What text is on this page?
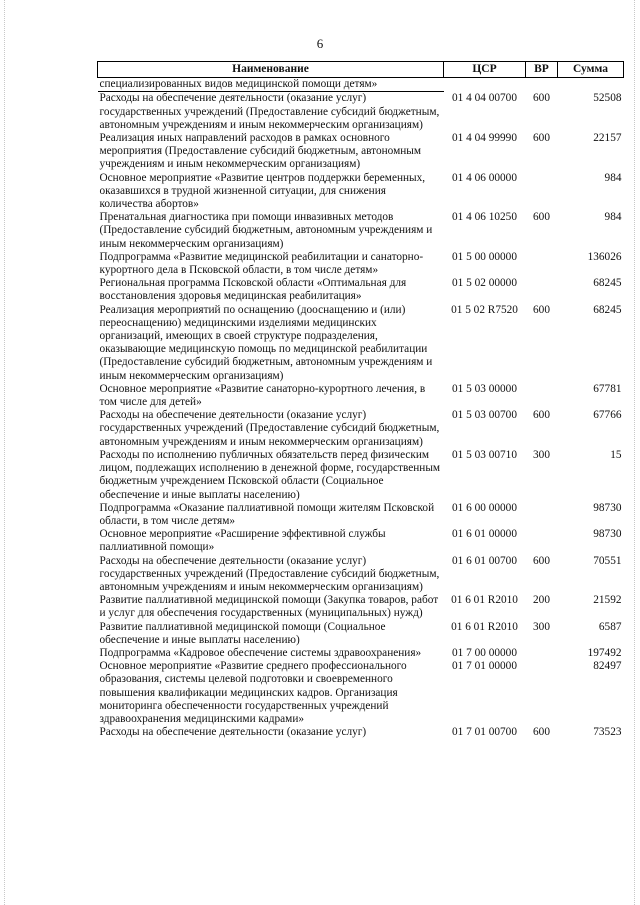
6
Наименование	ЦСР	ВР	Сумма
специализированных видов медицинской помощи детям»			
Расходы на обеспечение деятельности (оказание услуг) государственных учреждений (Предоставление субсидий бюджетным, автономным учреждениям и иным некоммерческим организациям)	01 4 04 00700	600	52508
Реализация иных направлений расходов в рамках основного мероприятия (Предоставление субсидий бюджетным, автономным учреждениям и иным некоммерческим организациям)	01 4 04 99990	600	22157
Основное мероприятие «Развитие центров поддержки беременных, оказавшихся в трудной жизненной ситуации, для снижения количества абортов»	01 4 06 00000		984
Пренатальная диагностика при помощи инвазивных методов (Предоставление субсидий бюджетным, автономным учреждениям и иным некоммерческим организациям)	01 4 06 10250	600	984
Подпрограмма «Развитие медицинской реабилитации и санаторно-курортного дела в Псковской области, в том числе детям»	01 5 00 00000		136026
Региональная программа Псковской области «Оптимальная для восстановления здоровья медицинская реабилитация»	01 5 02 00000		68245
Реализация мероприятий по оснащению (дооснащению и (или) переоснащению) медицинскими изделиями медицинских организаций, имеющих в своей структуре подразделения, оказывающие медицинскую помощь по медицинской реабилитации (Предоставление субсидий бюджетным, автономным учреждениям и иным некоммерческим организациям)	01 5 02 R7520	600	68245
Основное мероприятие «Развитие санаторно-курортного лечения, в том числе для детей»	01 5 03 00000		67781
Расходы на обеспечение деятельности (оказание услуг) государственных учреждений (Предоставление субсидий бюджетным, автономным учреждениям и иным некоммерческим организациям)	01 5 03 00700	600	67766
Расходы по исполнению публичных обязательств перед физическим лицом, подлежащих исполнению в денежной форме, государственным бюджетным учреждением Псковской области (Социальное обеспечение и иные выплаты населению)	01 5 03 00710	300	15
Подпрограмма «Оказание паллиативной помощи жителям Псковской области, в том числе детям»	01 6 00 00000		98730
Основное мероприятие «Расширение эффективной службы паллиативной помощи»	01 6 01 00000		98730
Расходы на обеспечение деятельности (оказание услуг) государственных учреждений (Предоставление субсидий бюджетным, автономным учреждениям и иным некоммерческим организациям)	01 6 01 00700	600	70551
Развитие паллиативной медицинской помощи (Закупка товаров, работ и услуг для обеспечения государственных (муниципальных) нужд)	01 6 01 R2010	200	21592
Развитие паллиативной медицинской помощи (Социальное обеспечение и иные выплаты населению)	01 6 01 R2010	300	6587
Подпрограмма «Кадровое обеспечение системы здравоохранения»	01 7 00 00000		197492
Основное мероприятие «Развитие среднего профессионального образования, системы целевой подготовки и своевременного повышения квалификации медицинских кадров. Организация мониторинга обеспеченности государственных учреждений здравоохранения медицинскими кадрами»	01 7 01 00000		82497
Расходы на обеспечение деятельности (оказание услуг)	01 7 01 00700	600	73523
